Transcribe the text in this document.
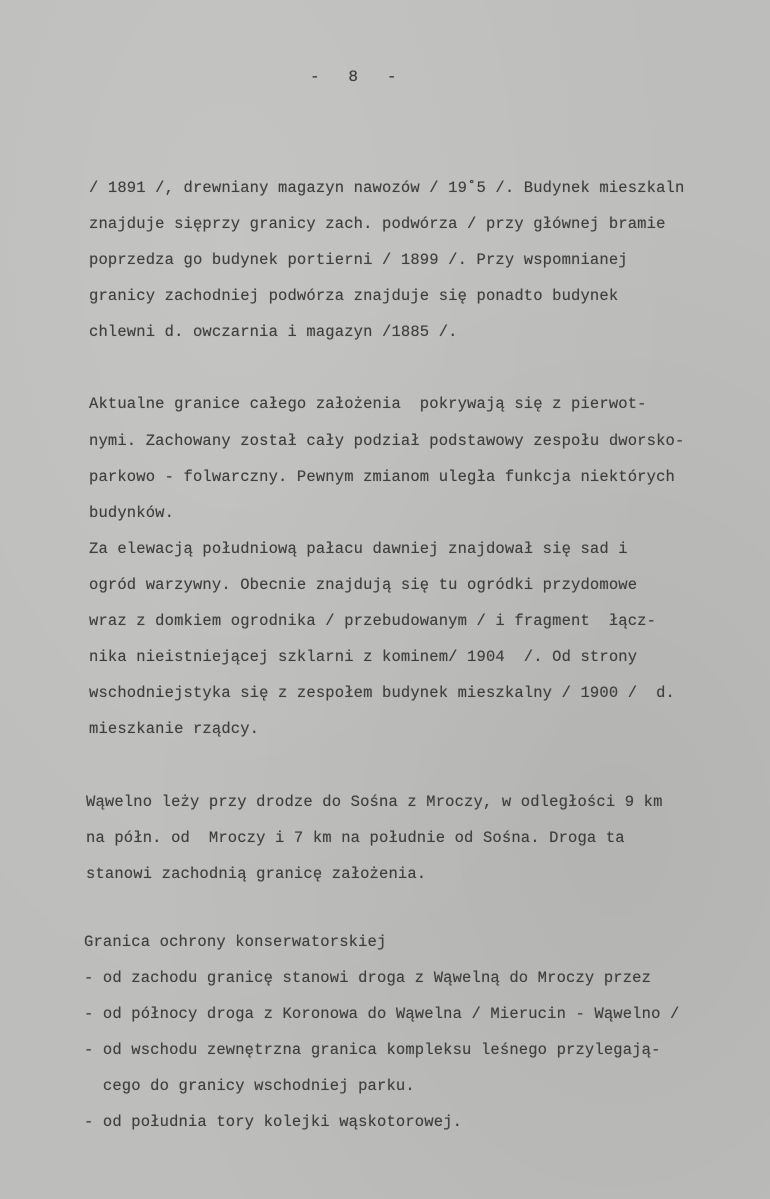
-   8   -
/ 1891 /, drewniany magazyn nawozów / 19˚5 /. Budynek mieszkaln
znajduje sięprzy granicy zach. podwórza / przy głównej bramie
poprzedza go budynek portierni / 1899 /. Przy wspomnianej
granicy zachodniej podwórza znajduje się ponadto budynek
chlewni d. owczarnia i magazyn /1885 /.
Aktualne granice całego założenia  pokrywają się z pierwot-
nymi. Zachowany został cały podział podstawowy zespołu dworsko-
parkowo - folwarczny. Pewnym zmianom uległa funkcja niektórych
budynków.
Za elewacją południową pałacu dawniej znajdował się sad i
ogród warzywny. Obecnie znajdują się tu ogródki przydomowe
wraz z domkiem ogrodnika / przebudowanym / i fragment  łącz-
nika nieistniejącej szklarni z kominem/ 1904  /. Od strony
wschodniejstyka się z zespołem budynek mieszkalny / 1900 /  d.
mieszkanie rządcy.
Wąwelno leży przy drodze do Sośna z Mroczy, w odległości 9 km
na półn. od  Mroczy i 7 km na południe od Sośna. Droga ta
stanowi zachodnią granicę założenia.
Granica ochrony konserwatorskiej
- od zachodu granicę stanowi droga z Wąwelną do Mroczy przez
- od północy droga z Koronowa do Wąwelna / Mierucin - Wąwelno /
- od wschodu zewnętrzna granica kompleksu leśnego przylegają-
cego do granicy wschodniej parku.
- od południa tory kolejki wąskotorowej.
